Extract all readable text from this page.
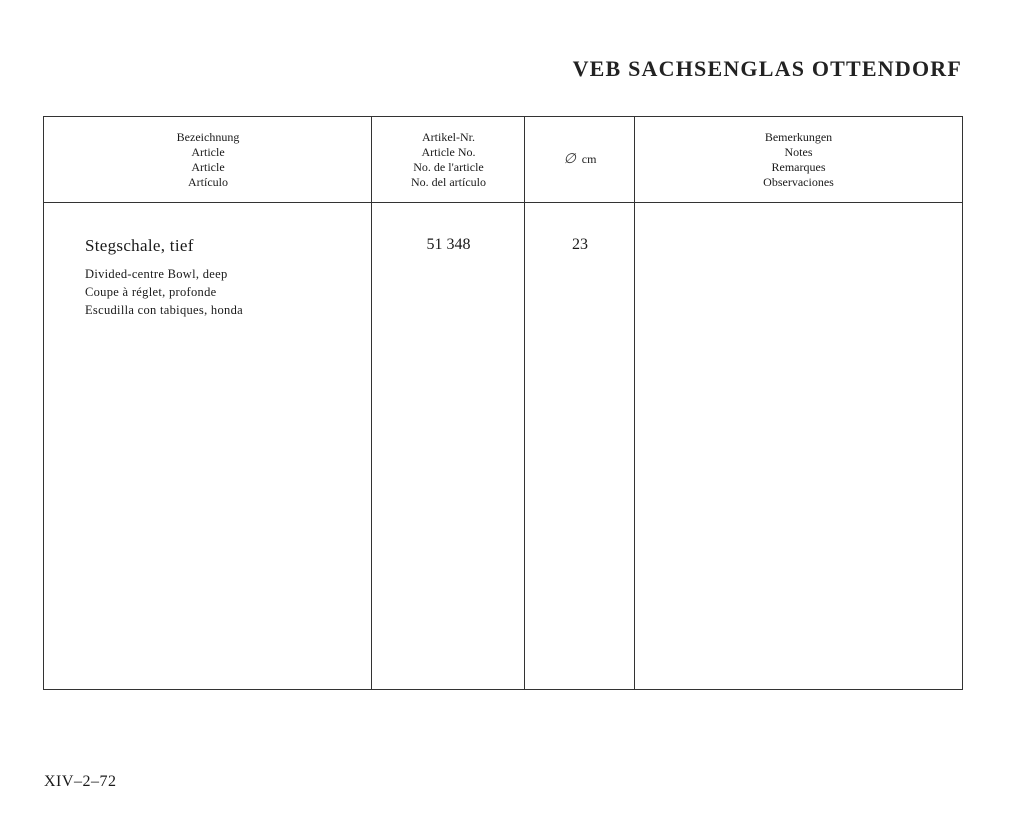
VEB SACHSENGLAS OTTENDORF
Bezeichnung
Article
Article
Artículo
Artikel-Nr.
Article No.
No. de l'article
No. del artículo
∅ cm
Bemerkungen
Notes
Remarques
Observaciones
Stegschale, tief
Divided-centre Bowl, deep
Coupe à réglet, profonde
Escudilla con tabiques, honda
51 348	23
XIV–2–72
